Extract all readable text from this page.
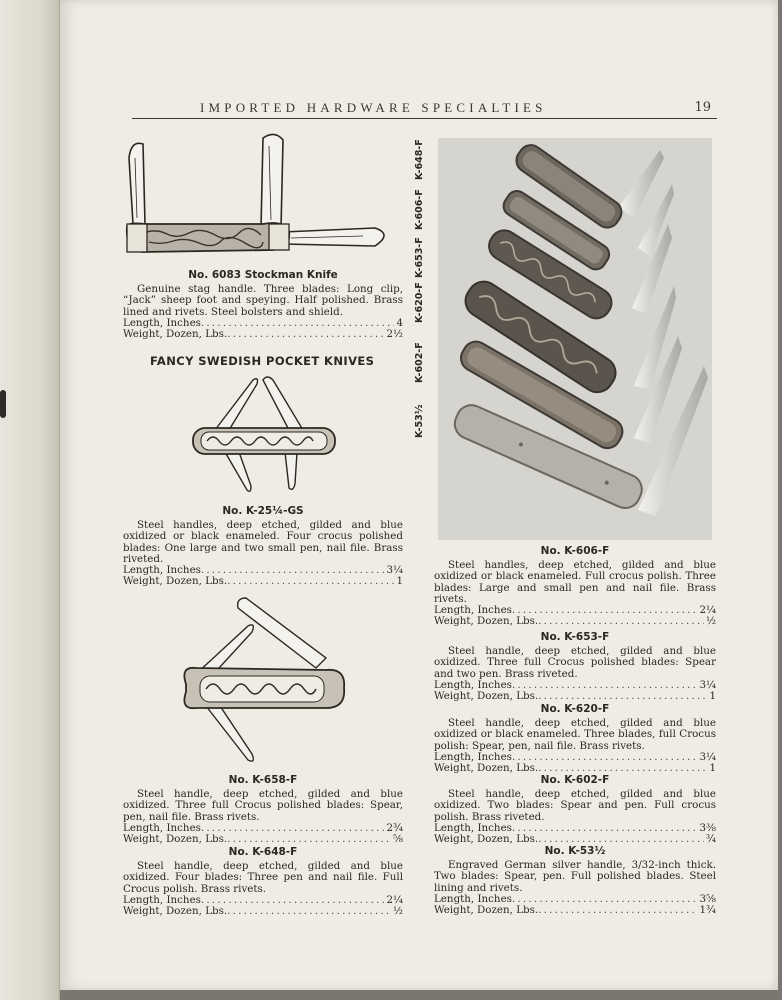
IMPORTED HARDWARE SPECIALTIES	19

No. 6083 Stockman Knife

Genuine stag handle. Three blades: Long clip, “Jack” sheep foot and speying. Half polished. Brass lined and rivets. Steel bolsters and shield.

Length, Inches .....	4
Weight, Dozen, Lbs. .....	2½
FANCY SWEDISH POCKET KNIVES

No. K-25¼-GS

Steel handles, deep etched, gilded and blue oxidized or black enameled. Four crocus polished blades: One large and two small pen, nail file. Brass riveted.

Length, Inches .....	3¼
Weight, Dozen, Lbs. .....	1

No. K-658-F

Steel handle, deep etched, gilded and blue oxidized. Three full Crocus polished blades: Spear, pen, nail file. Brass rivets.

Length, Inches .....	2¾
Weight, Dozen, Lbs. .....	⅝

No. K-648-F

Steel handle, deep etched, gilded and blue oxidized. Four blades: Three pen and nail file. Full Crocus polish. Brass rivets.

Length, Inches .....	2¼
Weight, Dozen, Lbs. .....	½
K-53½
K-602-F
K-620-F
K-653-F
K-606-F
K-648-F

No. K-606-F

Steel handles, deep etched, gilded and blue oxidized or black enameled. Full crocus polish. Three blades: Large and small pen and nail file. Brass rivets.

Length, Inches .....	2¼
Weight, Dozen, Lbs. .....	½

No. K-653-F

Steel handle, deep etched, gilded and blue oxidized. Three full Crocus polished blades: Spear and two pen. Brass riveted.

Length, Inches .....	3¼
Weight, Dozen, Lbs. .....	1

No. K-620-F

Steel handle, deep etched, gilded and blue oxidized or black enameled. Three blades, full Crocus polish: Spear, pen, nail file. Brass rivets.

Length, Inches .....	3¼
Weight, Dozen, Lbs. .....	1

No. K-602-F

Steel handle, deep etched, gilded and blue oxidized. Two blades: Spear and pen. Full crocus polish. Brass riveted.

Length, Inches .....	3⅜
Weight, Dozen, Lbs. .....	¾

No. K-53½

Engraved German silver handle, 3/32-inch thick. Two blades: Spear, pen. Full polished blades. Steel lining and rivets.

Length, Inches .....	3⅝
Weight, Dozen, Lbs. .....	1¾
